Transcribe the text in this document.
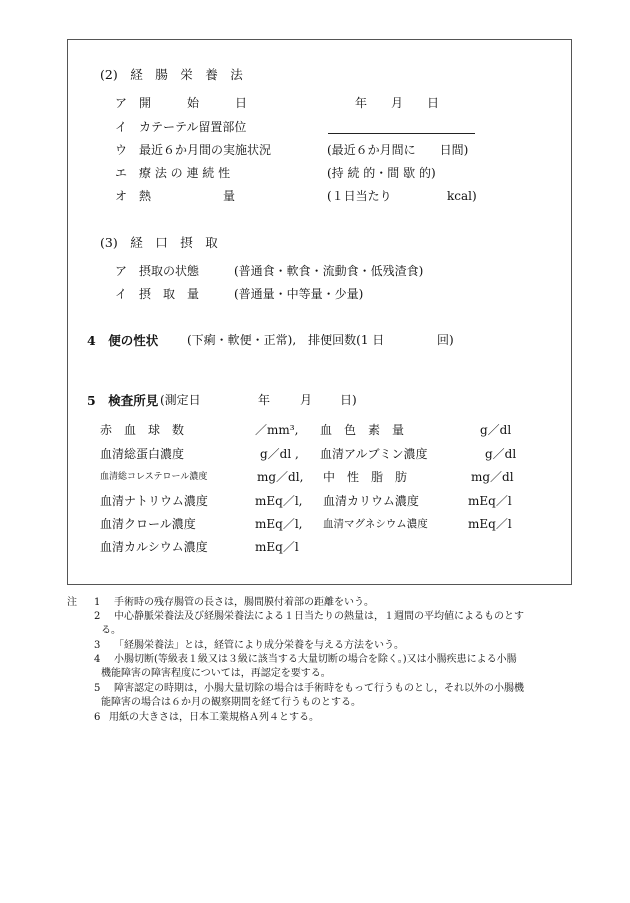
(2)　経　腸　栄　養　法
ア　開　　　始　　　日	年　　月　　日
イ　カテーテル留置部位
ウ　最近６か月間の実施状況	(最近６か月間に　　日間)
エ　療 法 の 連 続 性	(持 続 的・間 歇 的)
オ　熱　　　　　　量	(１日当たり	kcal)
(3)　経　口　摂　取
ア　摂取の状態	(普通食・軟食・流動食・低残渣食)
イ　摂　取　量	(普通量・中等量・少量)
4　便の性状 (下痢・軟便・正常),　排便回数(1 日	回)
5　検査所見 (測定日	年 月 日)
赤　血　球　数	／mm³, 血　色　素　量	g／dl
血清総蛋白濃度	g／dl , 血清アルブミン濃度	g／dl
血清総コレステロール濃度	mg／dl, 中　性　脂　肪	mg／dl
血清ナトリウム濃度	mEq／l, 血清カリウム濃度	mEq／l
血清クロール濃度	mEq／l, 血清マグネシウム濃度	mEq／l
血清カルシウム濃度	mEq／l
注 1 手術時の残存腸管の長さは，腸間膜付着部の距離をいう。
2 中心静脈栄養法及び経腸栄養法による１日当たりの熱量は，１週間の平均値によるものとす
る。
3 「経腸栄養法」とは，経管により成分栄養を与える方法をいう。
4 小腸切断(等級表１級又は３級に該当する大量切断の場合を除く。)又は小腸疾患による小腸
機能障害の障害程度については，再認定を要する。
5 障害認定の時期は，小腸大量切除の場合は手術時をもって行うものとし，それ以外の小腸機
能障害の場合は６か月の観察期間を経て行うものとする。
6 用紙の大きさは，日本工業規格Ａ列４とする。
